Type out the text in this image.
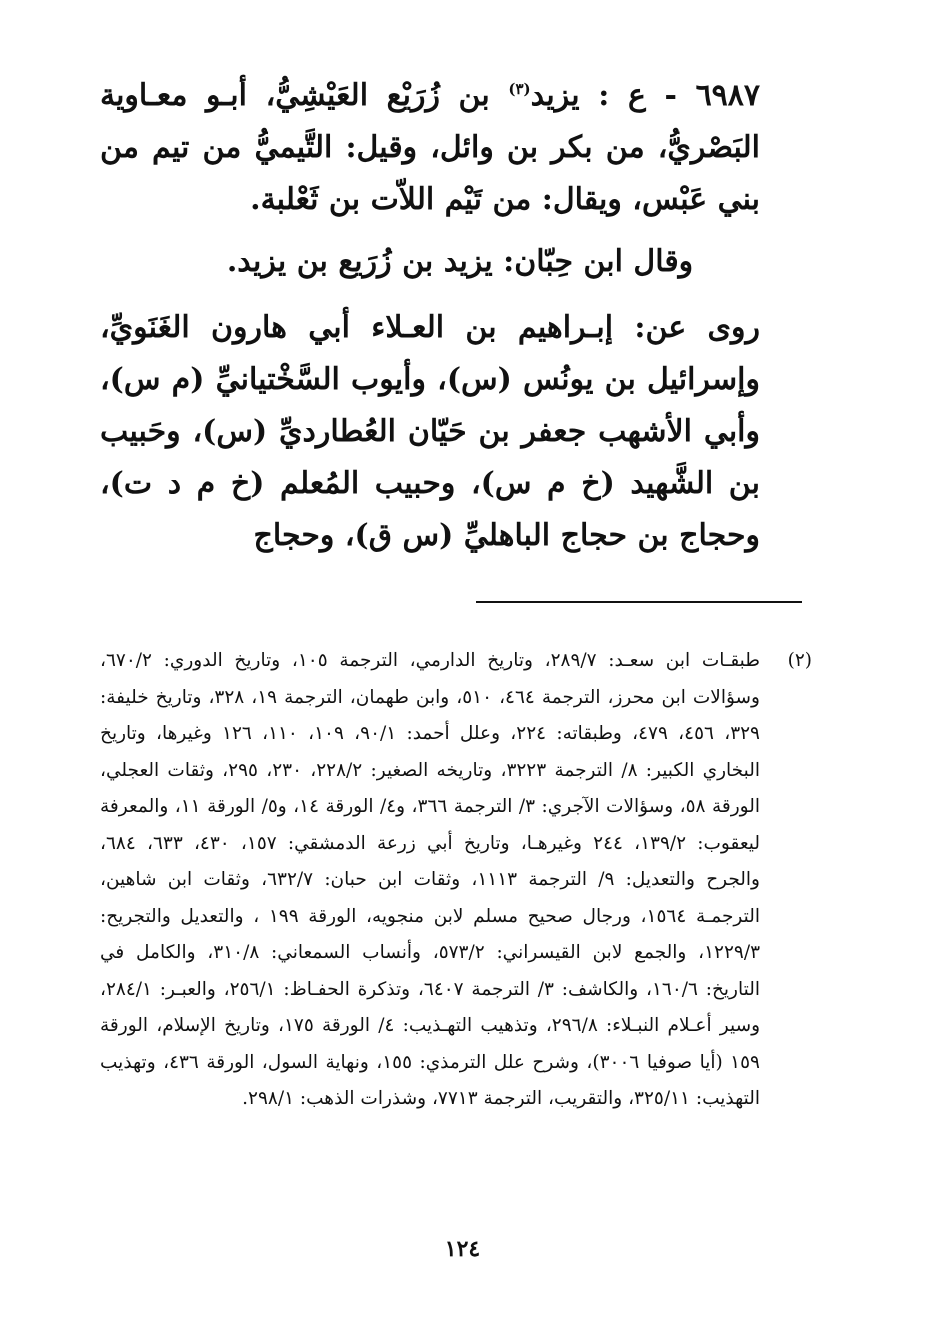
٦٩٨٧ - ع : يزيد$^{(٣)}$ بن زُرَيْع العَيْشِيُّ، أبـو معـاوية البَصْريُّ، من بكر بن وائل، وقيل: التَّيميُّ من تيم من بني عَبْس، ويقال: من تَيْم اللاّت بن ثَعْلبة.

وقال ابن حِبّان: يزيد بن زُرَيع بن يزيد.

روى عن: إبـراهيم بن العـلاء أبي هارون الغَنَويِّ، وإسرائيل بن يونُس (س)، وأيوب السَّخْتيانيِّ (م س)، وأبي الأشهب جعفر بن حَيّان العُطارديِّ (س)، وحَبيب بن الشَّهيد (خ م س)، وحبيب المُعلم (خ م د ت)، وحجاج بن حجاج الباهليِّ (س ق)، وحجاج

(٢)
طبقـات ابن سعـد: ٢٨٩/٧، وتاريخ الدارمي، الترجمة ١٠٥، وتاريخ الدوري: ٦٧٠/٢، وسؤالات ابن محرز، الترجمة ٤٦٤، ٥١٠، وابن طهمان، الترجمة ١٩، ٣٢٨، وتاريخ خليفة: ٣٢٩، ٤٥٦، ٤٧٩، وطبقاته: ٢٢٤، وعلل أحمد: ٩٠/١، ١٠٩، ١١٠، ١٢٦ وغيرها، وتاريخ البخاري الكبير: ٨/ الترجمة ٣٢٢٣، وتاريخه الصغير: ٢٢٨/٢، ٢٣٠، ٢٩٥، وثقات العجلي، الورقة ٥٨، وسؤالات الآجري: ٣/ الترجمة ٣٦٦، و٤/ الورقة ١٤، و٥/ الورقة ١١، والمعرفة ليعقوب: ١٣٩/٢، ٢٤٤ وغيرهـا، وتاريخ أبي زرعة الدمشقي: ١٥٧، ٤٣٠، ٦٣٣، ٦٨٤، والجرح والتعديل: ٩/ الترجمة ١١١٣، وثقات ابن حبان: ٦٣٢/٧، وثقات ابن شاهين، الترجمـة ١٥٦٤، ورجال صحيح مسلم لابن منجويه، الورقة ١٩٩ ، والتعديل والتجريح: ١٢٢٩/٣، والجمع لابن القيسراني: ٥٧٣/٢، وأنساب السمعاني: ٣١٠/٨، والكامل في التاريخ: ١٦٠/٦، والكاشف: ٣/ الترجمة ٦٤٠٧، وتذكرة الحفـاظ: ٢٥٦/١، والعبـر: ٢٨٤/١، وسير أعـلام النبـلاء: ٢٩٦/٨، وتذهيب التهـذيب: ٤/ الورقة ١٧٥، وتاريخ الإسلام، الورقة ١٥٩ (أيا صوفيا ٣٠٠٦)، وشرح علل الترمذي: ١٥٥، ونهاية السول، الورقة ٤٣٦، وتهذيب التهذيب: ٣٢٥/١١، والتقريب، الترجمة ٧٧١٣، وشذرات الذهب: ٢٩٨/١.
١٢٤
